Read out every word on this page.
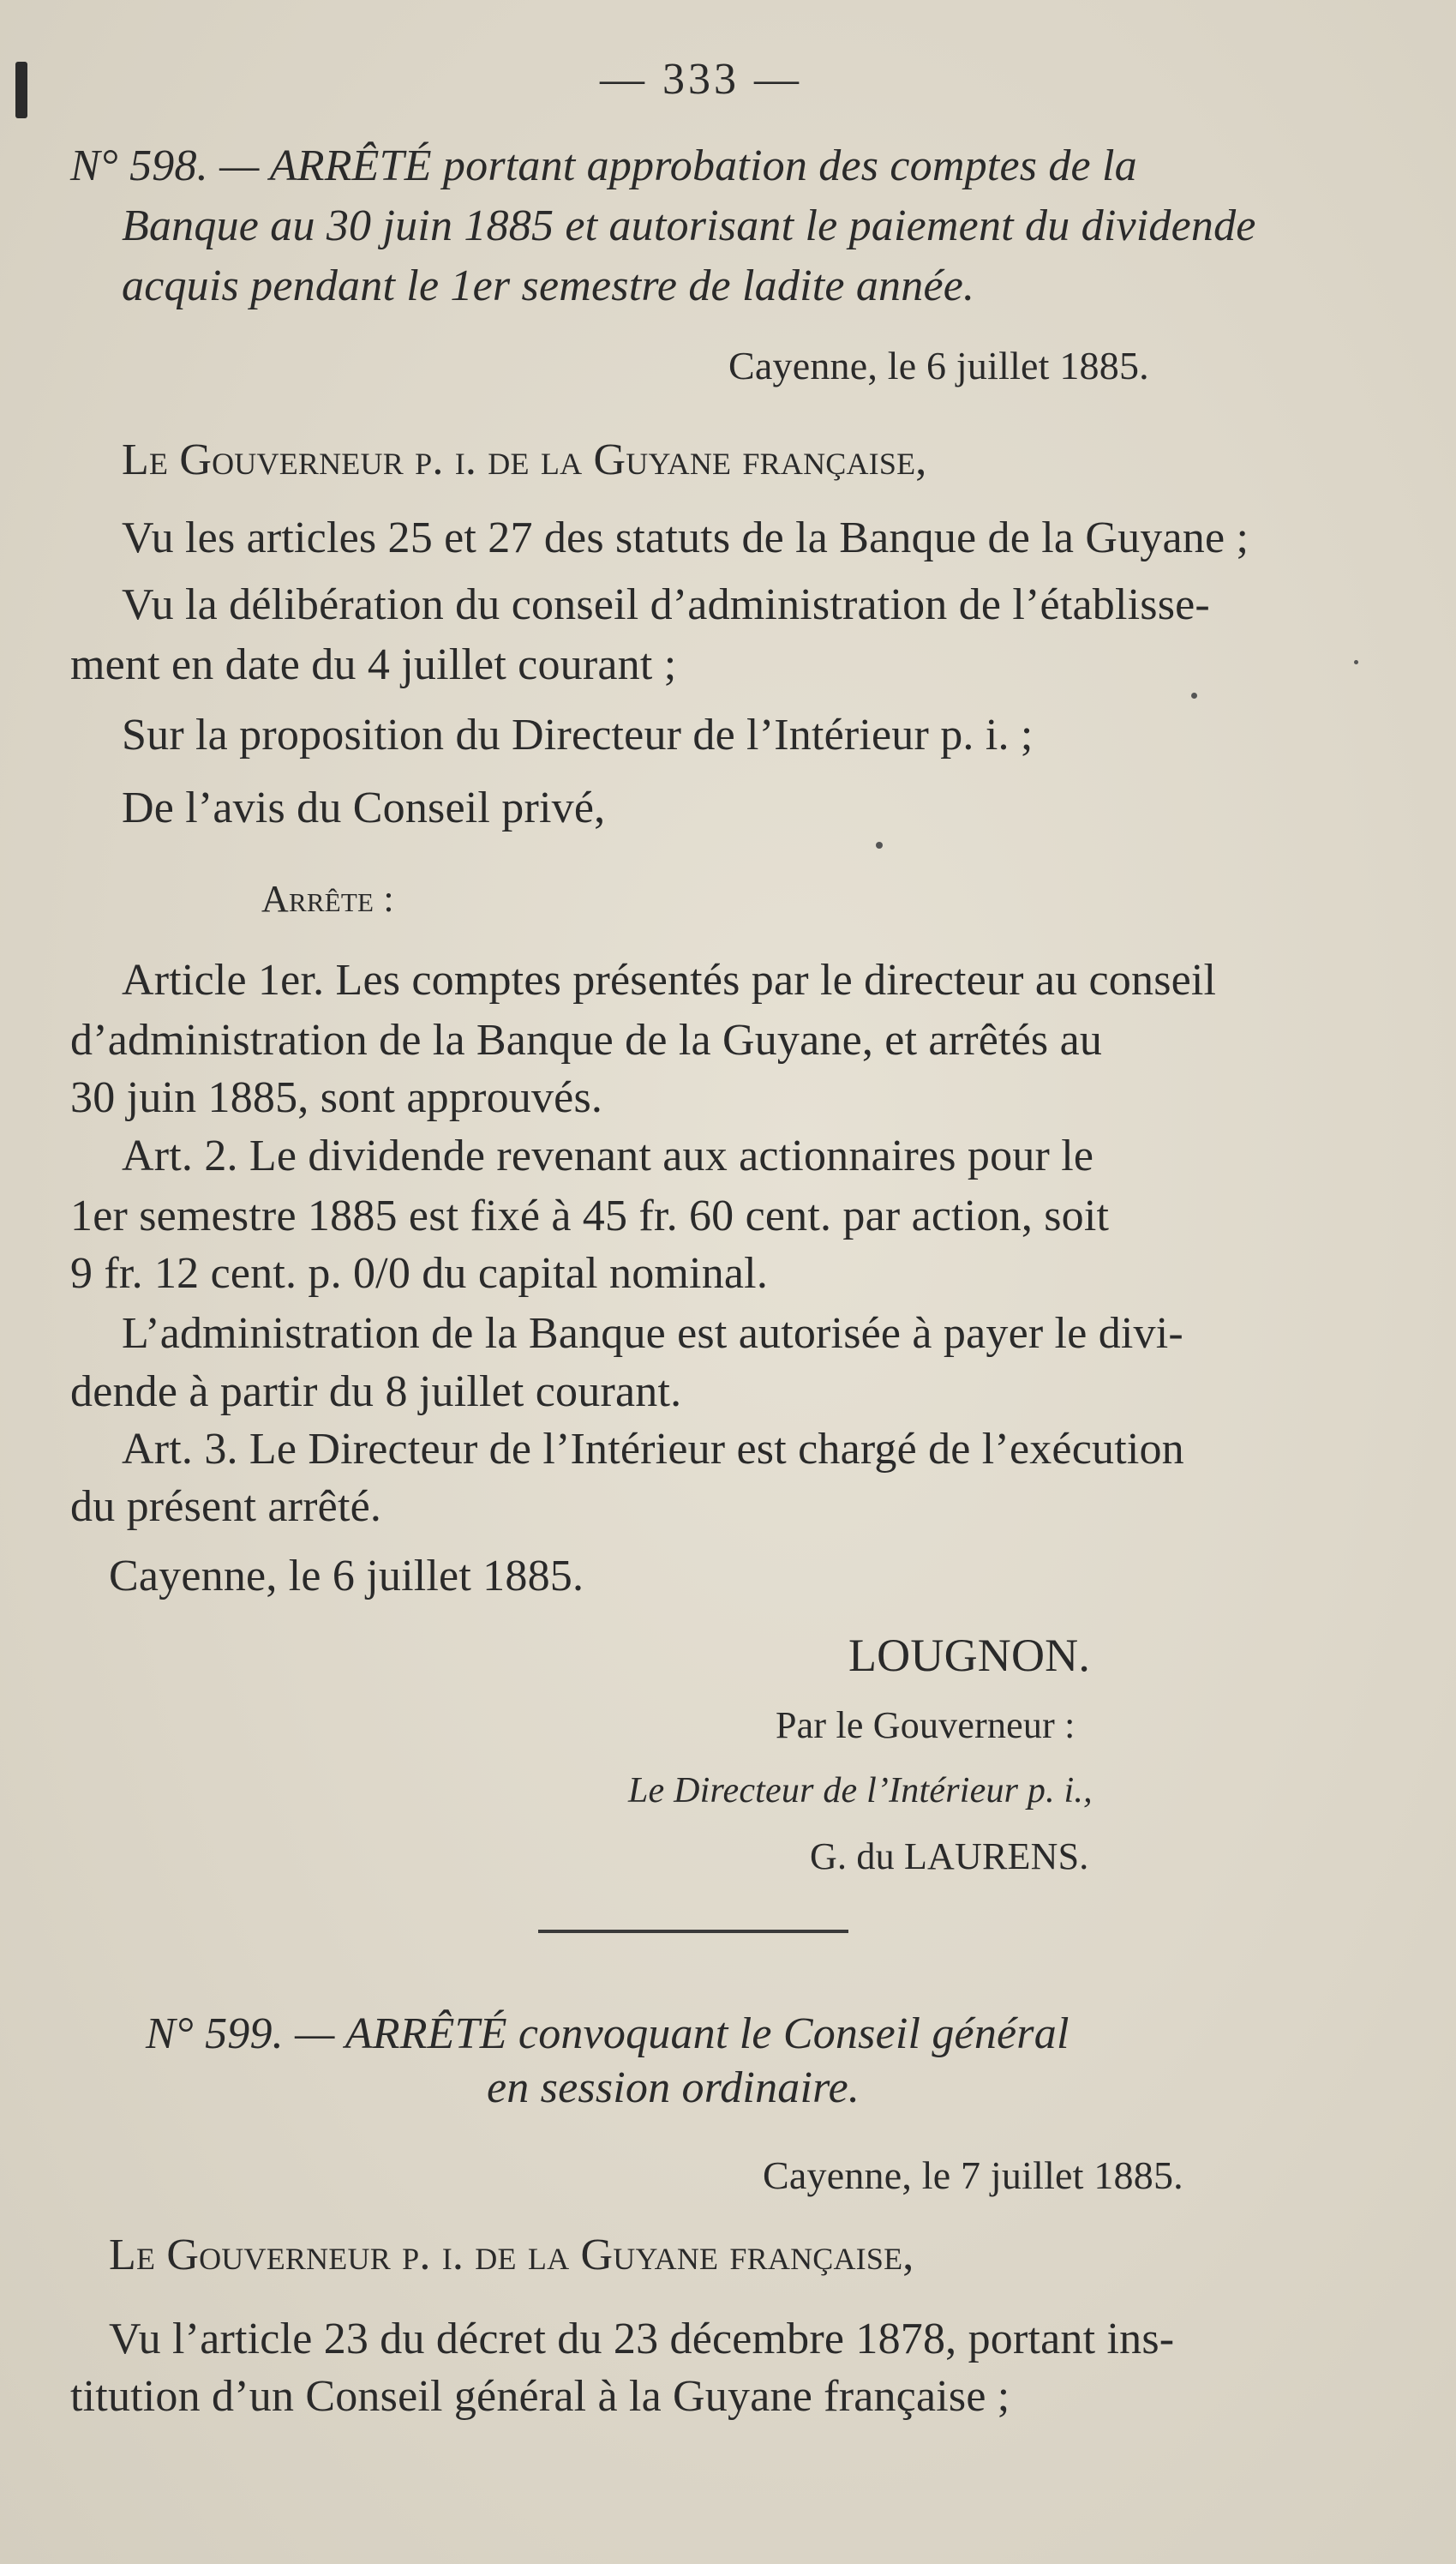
— 333 —
N° 598. — ARRÊTÉ portant approbation des comptes de la
Banque au 30 juin 1885 et autorisant le paiement du dividende
acquis pendant le 1er semestre de ladite année.
Cayenne, le 6 juillet 1885.
Le Gouverneur p. i. de la Guyane française,
Vu les articles 25 et 27 des statuts de la Banque de la Guyane ;
Vu la délibération du conseil d’administration de l’établisse-
ment en date du 4 juillet courant ;
Sur la proposition du Directeur de l’Intérieur p. i. ;
De l’avis du Conseil privé,
Arrête :
Article 1er. Les comptes présentés par le directeur au conseil
d’administration de la Banque de la Guyane, et arrêtés au
30 juin 1885, sont approuvés.
Art. 2. Le dividende revenant aux actionnaires pour le
1er semestre 1885 est fixé à 45 fr. 60 cent. par action, soit
9 fr. 12 cent. p. 0/0 du capital nominal.
L’administration de la Banque est autorisée à payer le divi-
dende à partir du 8 juillet courant.
Art. 3. Le Directeur de l’Intérieur est chargé de l’exécution
du présent arrêté.
Cayenne, le 6 juillet 1885.
LOUGNON.
Par le Gouverneur :
Le Directeur de l’Intérieur p. i.,
G. du LAURENS.
N° 599. — ARRÊTÉ convoquant le Conseil général
en session ordinaire.
Cayenne, le 7 juillet 1885.
Le Gouverneur p. i. de la Guyane française,
Vu l’article 23 du décret du 23 décembre 1878, portant ins-
titution d’un Conseil général à la Guyane française ;
